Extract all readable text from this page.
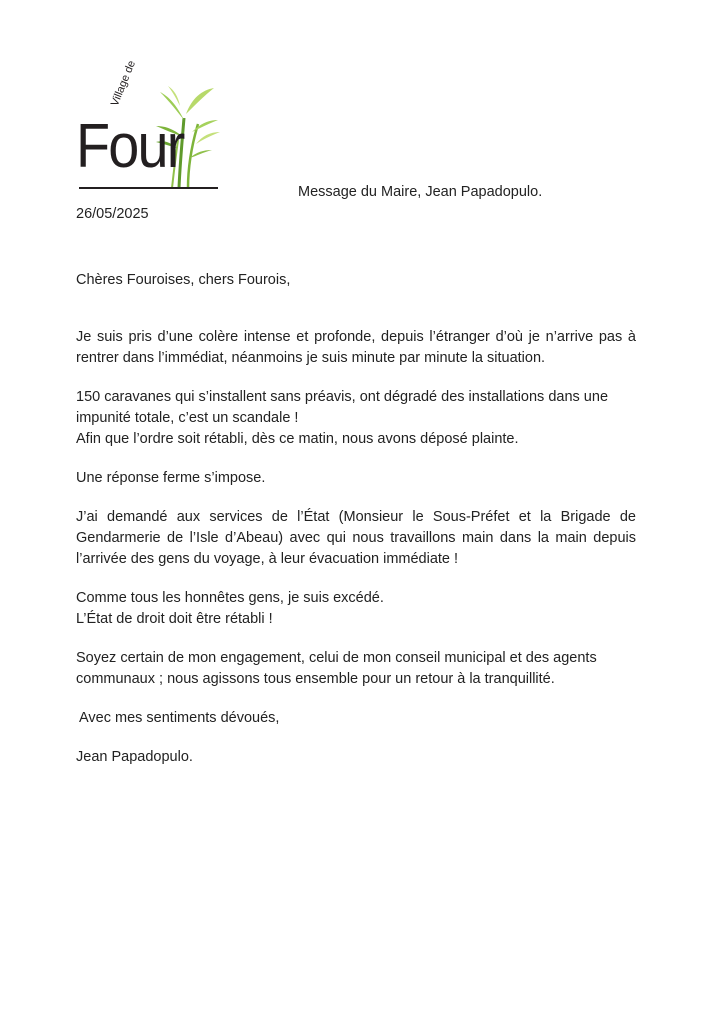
Village de
Four
Message du Maire, Jean Papadopulo.
26/05/2025

Chères Fouroises, chers Fourois,

Je suis pris d’une colère intense et profonde, depuis l’étranger d’où je n’arrive pas à rentrer dans l’immédiat, néanmoins je suis minute par minute la situation.

150 caravanes qui s’installent sans préavis, ont dégradé des installations dans une impunité totale, c’est un scandale !

Afin que l’ordre soit rétabli, dès ce matin, nous avons déposé plainte.

Une réponse ferme s’impose.

J’ai demandé aux services de l’État (Monsieur le Sous-Préfet et la Brigade de Gendarmerie de l’Isle d’Abeau) avec qui nous travaillons main dans la main depuis l’arrivée des gens du voyage, à leur évacuation immédiate !

Comme tous les honnêtes gens, je suis excédé.

L’État de droit doit être rétabli !

Soyez certain de mon engagement, celui de mon conseil municipal et des agents communaux ; nous agissons tous ensemble pour un retour à la tranquillité.

Avec mes sentiments dévoués,

Jean Papadopulo.
